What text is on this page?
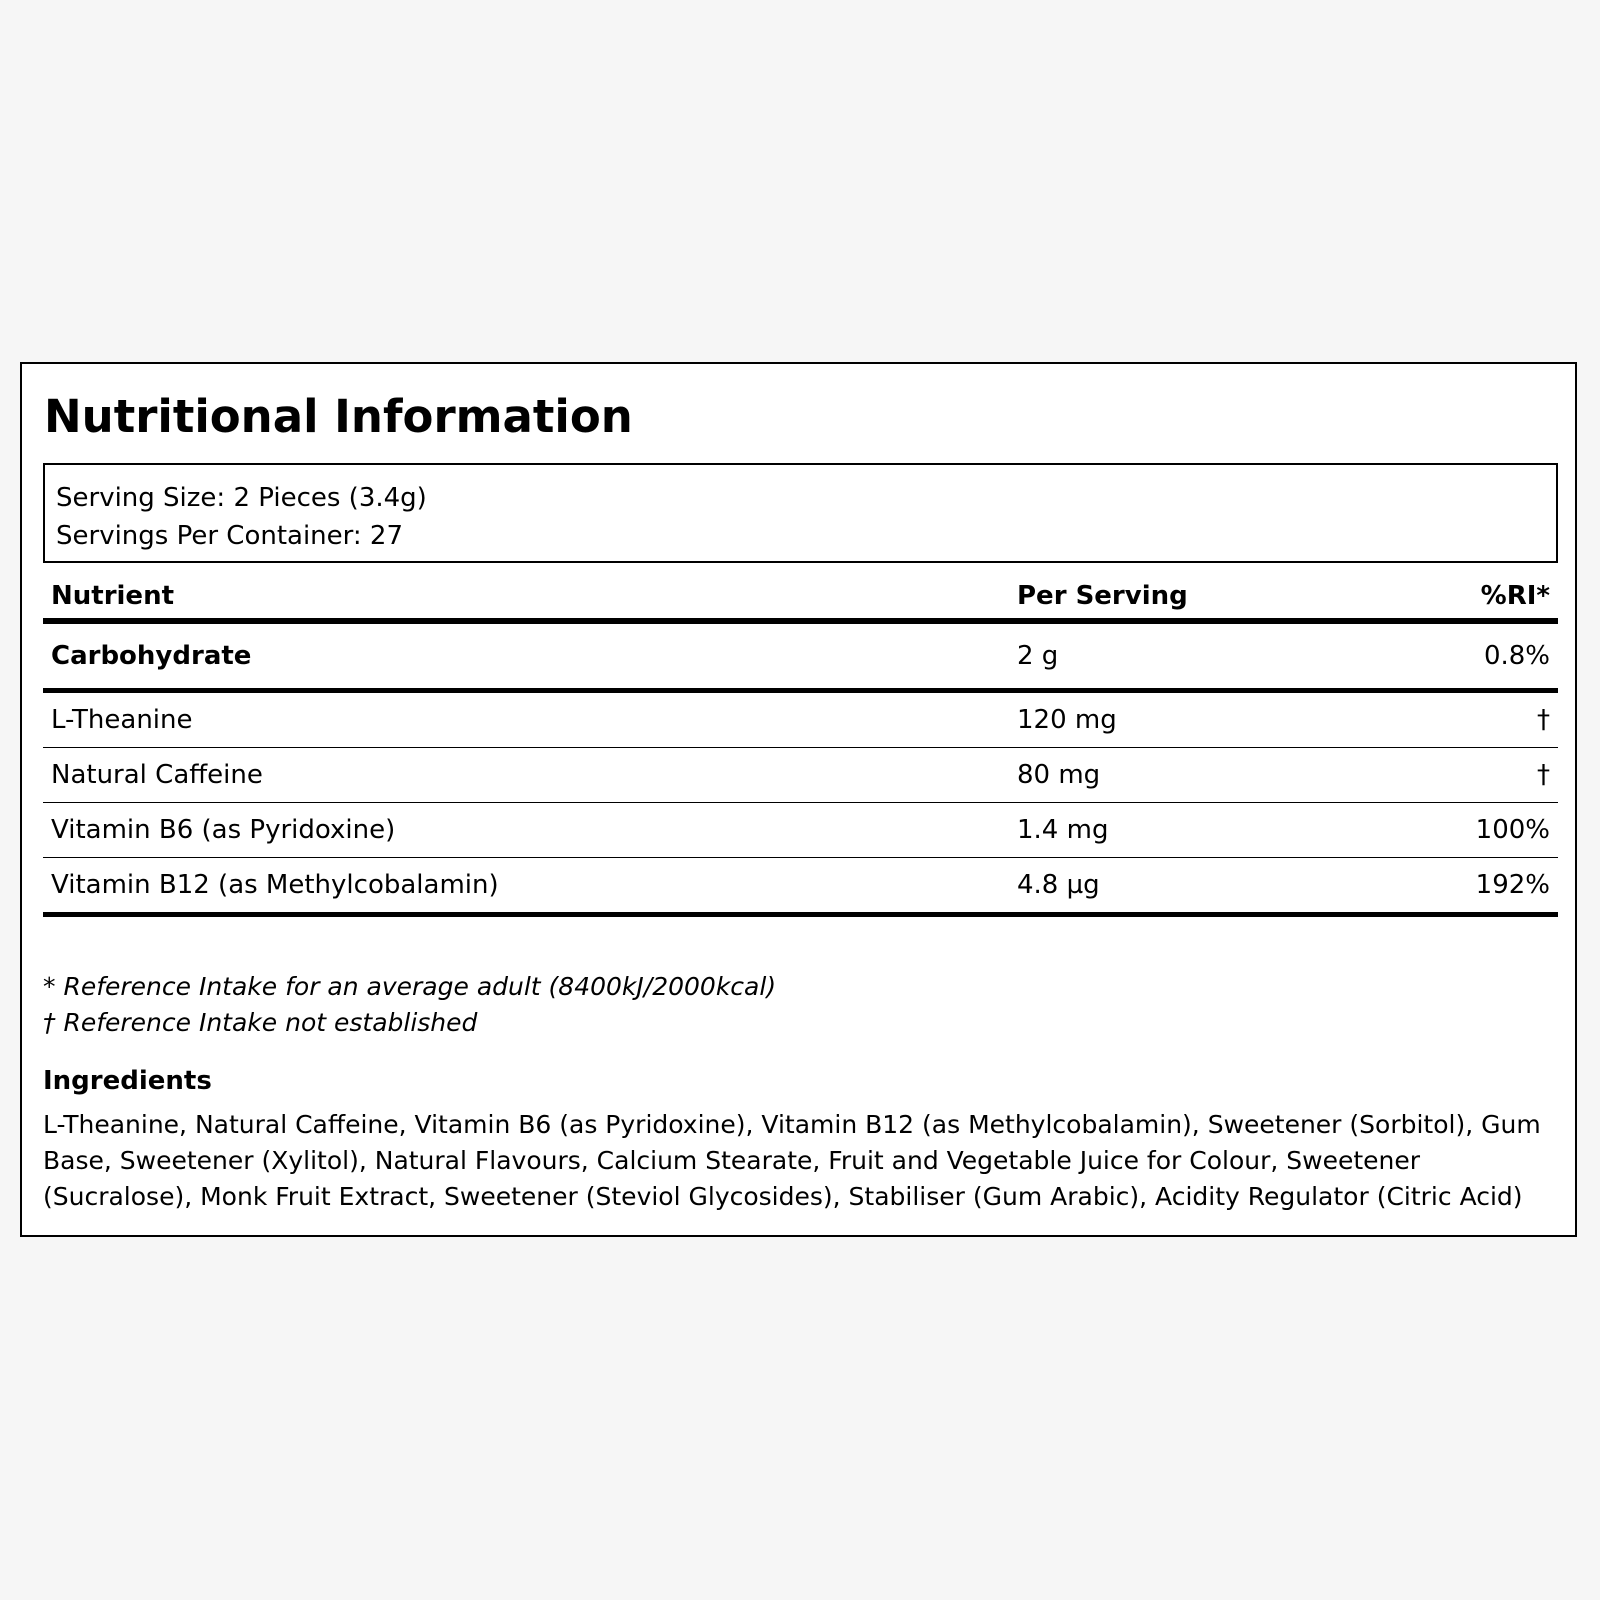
Nutritional Information
Serving Size: 2 Pieces (3.4g)
Servings Per Container: 27
Nutrient	Per Serving	%RI*
Carbohydrate	2 g	0.8%
L-Theanine	120 mg	†
Natural Caffeine	80 mg	†
Vitamin B6 (as Pyridoxine)	1.4 mg	100%
Vitamin B12 (as Methylcobalamin)	4.8 µg	192%
* Reference Intake for an average adult (8400kJ/2000kcal)
† Reference Intake not established
Ingredients

L-Theanine, Natural Caffeine, Vitamin B6 (as Pyridoxine), Vitamin B12 (as Methylcobalamin), Sweetener (Sorbitol), Gum Base, Sweetener (Xylitol), Natural Flavours, Calcium Stearate, Fruit and Vegetable Juice for Colour, Sweetener (Sucralose), Monk Fruit Extract, Sweetener (Steviol Glycosides), Stabiliser (Gum Arabic), Acidity Regulator (Citric Acid)
